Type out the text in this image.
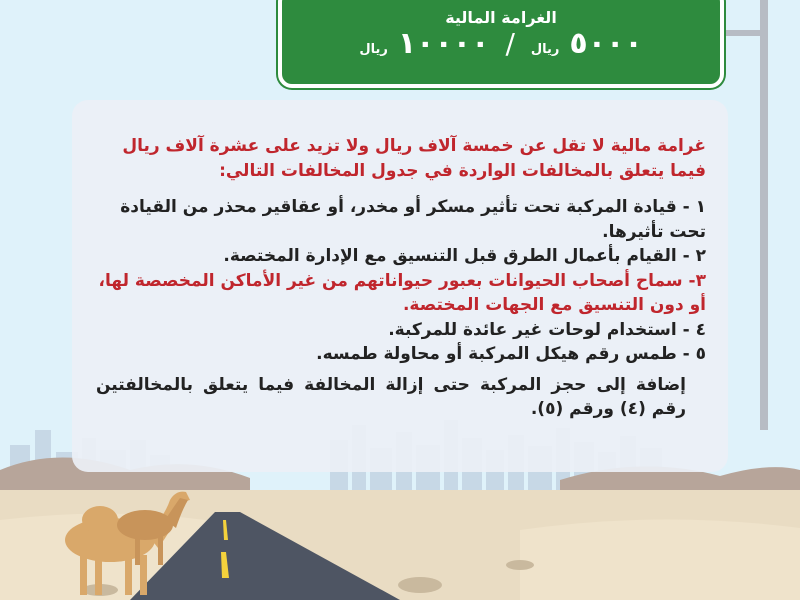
الغرامة المالية
٥٠٠٠
ريال
/
١٠٠٠٠
ريال

غرامة مالية لا تقل عن خمسة آلاف ريال ولا تزيد على عشرة آلاف ريال فيما يتعلق بالمخالفات الواردة في جدول المخالفات التالي:

١ - قيادة المركبة تحت تأثير مسكر أو مخدر، أو عقاقير محذر من القيادة تحت تأثيرها.

٢ - القيام بأعمال الطرق قبل التنسيق مع الإدارة المختصة.

٣- سماح أصحاب الحيوانات بعبور حيواناتهم من غير الأماكن المخصصة لها، أو دون التنسيق مع الجهات المختصة.

٤ - استخدام لوحات غير عائدة للمركبة.

٥ - طمس رقم هيكل المركبة أو محاولة طمسه.

إضافة إلى حجز المركبة حتى إزالة المخالفة فيما يتعلق بالمخالفتين رقم (٤) ورقم (٥).
